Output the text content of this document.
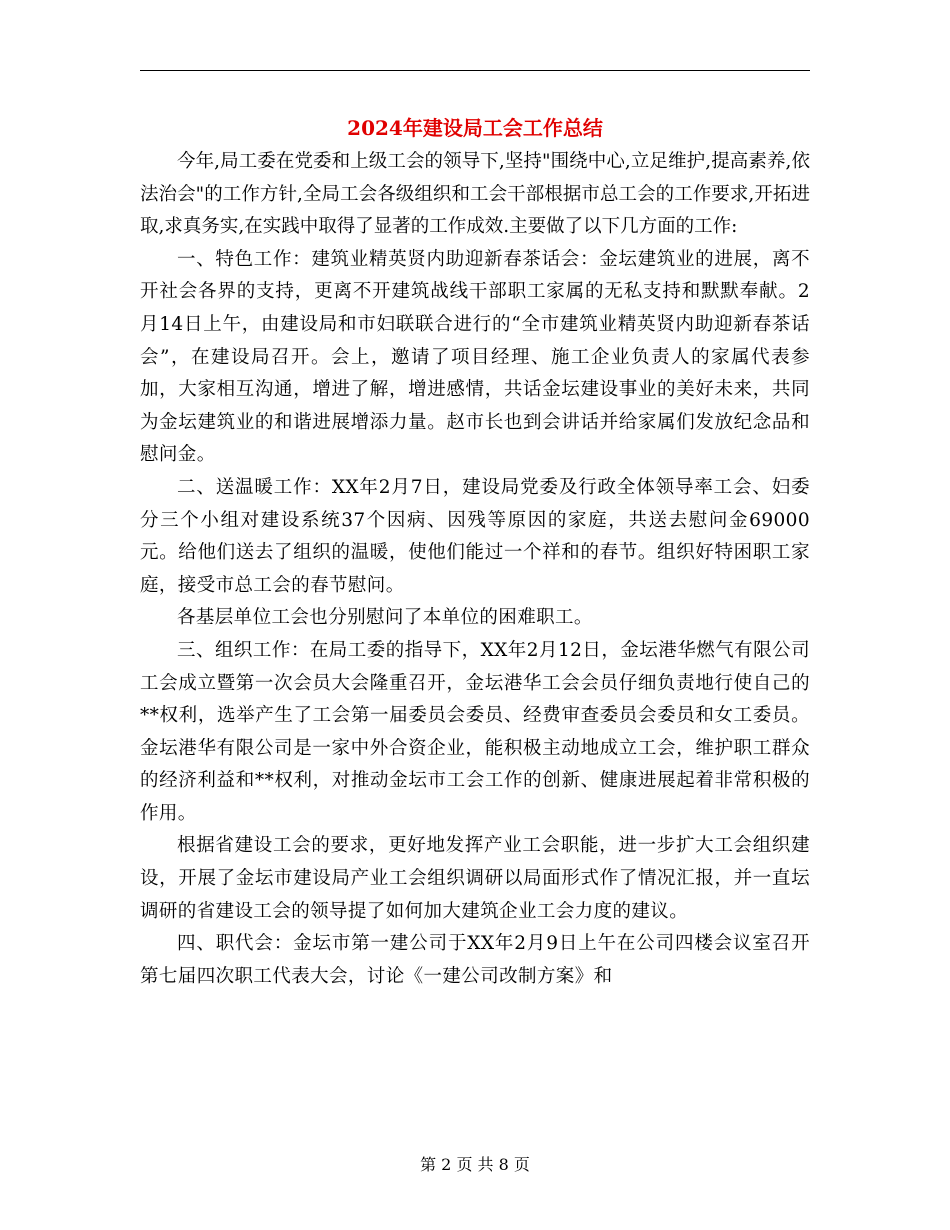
2024年建设局工会工作总结

今年,局工委在党委和上级工会的领导下,坚持"围绕中心,立足维护,提高素养,依法治会"的工作方针,全局工会各级组织和工会干部根据市总工会的工作要求,开拓进取,求真务实,在实践中取得了显著的工作成效.主要做了以下几方面的工作:

一、特色工作：建筑业精英贤内助迎新春茶话会：金坛建筑业的进展，离不开社会各界的支持，更离不开建筑战线干部职工家属的无私支持和默默奉献。2月14日上午，由建设局和市妇联联合进行的“全市建筑业精英贤内助迎新春茶话会”，在建设局召开。会上，邀请了项目经理、施工企业负责人的家属代表参加，大家相互沟通，增进了解，增进感情，共话金坛建设事业的美好未来，共同为金坛建筑业的和谐进展增添力量。赵市长也到会讲话并给家属们发放纪念品和慰问金。

二、送温暖工作：XX年2月7日，建设局党委及行政全体领导率工会、妇委分三个小组对建设系统37个因病、因残等原因的家庭，共送去慰问金69000元。给他们送去了组织的温暖，使他们能过一个祥和的春节。组织好特困职工家庭，接受市总工会的春节慰问。

各基层单位工会也分别慰问了本单位的困难职工。

三、组织工作：在局工委的指导下，XX年2月12日，金坛港华燃气有限公司工会成立暨第一次会员大会隆重召开，金坛港华工会会员仔细负责地行使自己的**权利，选举产生了工会第一届委员会委员、经费审查委员会委员和女工委员。金坛港华有限公司是一家中外合资企业，能积极主动地成立工会，维护职工群众的经济利益和**权利，对推动金坛市工会工作的创新、健康进展起着非常积极的作用。

根据省建设工会的要求，更好地发挥产业工会职能，进一步扩大工会组织建设，开展了金坛市建设局产业工会组织调研以局面形式作了情况汇报，并一直坛调研的省建设工会的领导提了如何加大建筑企业工会力度的建议。

四、职代会：金坛市第一建公司于XX年2月9日上午在公司四楼会议室召开第七届四次职工代表大会，讨论《一建公司改制方案》和

第 2 页 共 8 页
